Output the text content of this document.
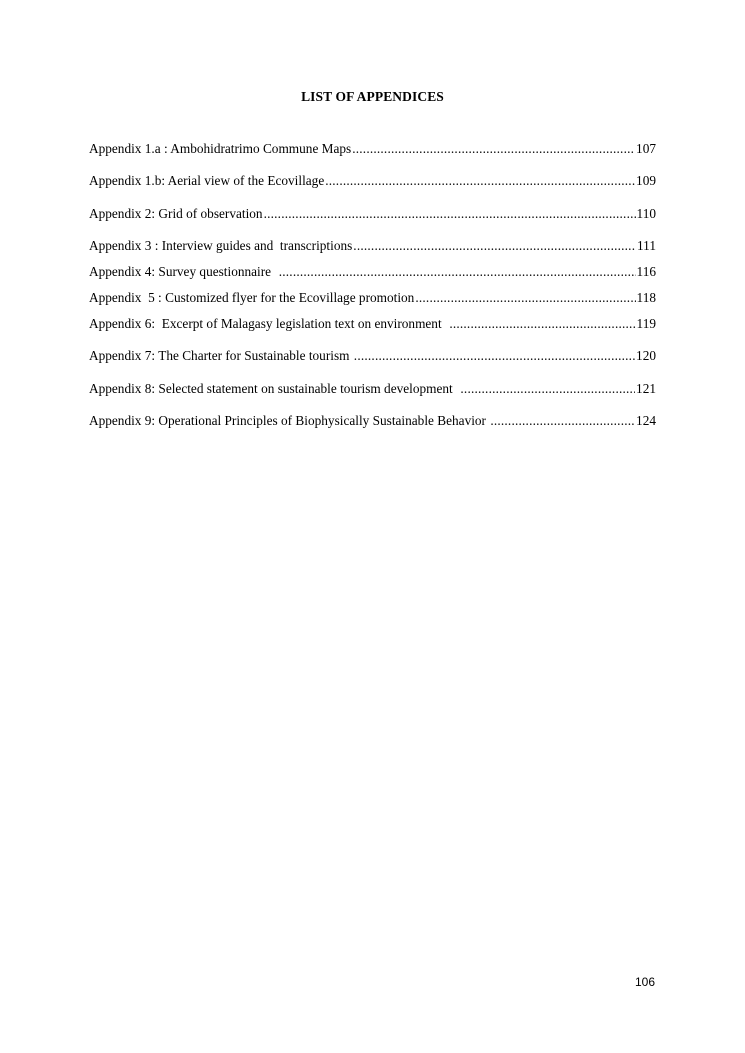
LIST OF APPENDICES
Appendix 1.a : Ambohidratrimo Commune Maps .....	107
Appendix 1.b: Aerial view of the Ecovillage .....	109
Appendix 2: Grid of observation .....	110
Appendix 3 : Interview guides and  transcriptions .....	111
Appendix 4: Survey questionnaire .....	116
Appendix  5 : Customized flyer for the Ecovillage promotion .....	118
Appendix 6:  Excerpt of Malagasy legislation text on environment .....	119
Appendix 7: The Charter for Sustainable tourism .....	120
Appendix 8: Selected statement on sustainable tourism development .....	121
Appendix 9: Operational Principles of Biophysically Sustainable Behavior .....	124
106
